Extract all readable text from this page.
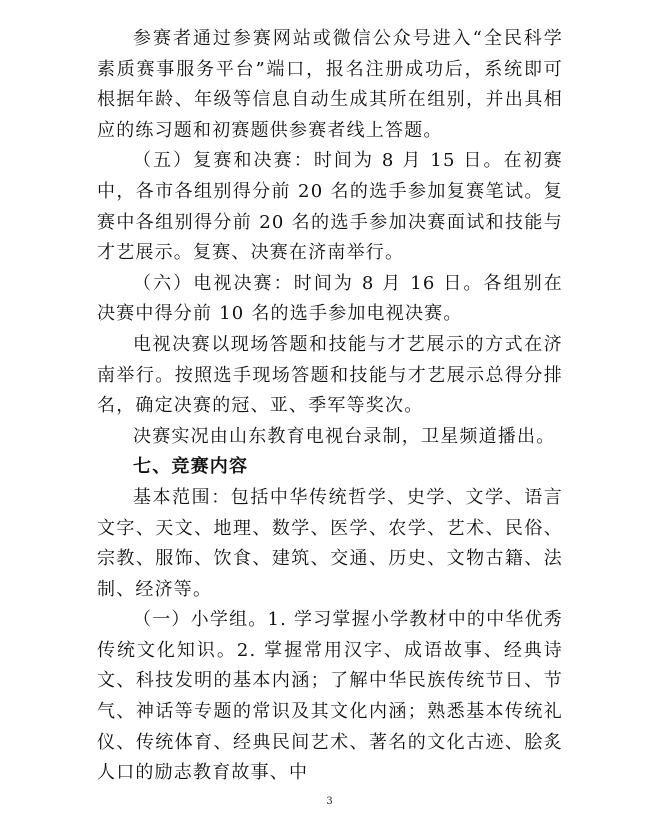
参赛者通过参赛网站或微信公众号进入“全民科学素质赛事服务平台”端口，报名注册成功后，系统即可根据年龄、年级等信息自动生成其所在组别，并出具相应的练习题和初赛题供参赛者线上答题。

（五）复赛和决赛：时间为 8 月 15 日。在初赛中，各市各组别得分前 20 名的选手参加复赛笔试。复赛中各组别得分前 20 名的选手参加决赛面试和技能与才艺展示。复赛、决赛在济南举行。

（六）电视决赛：时间为 8 月 16 日。各组别在决赛中得分前 10 名的选手参加电视决赛。

电视决赛以现场答题和技能与才艺展示的方式在济南举行。按照选手现场答题和技能与才艺展示总得分排名，确定决赛的冠、亚、季军等奖次。

决赛实况由山东教育电视台录制，卫星频道播出。

七、竞赛内容

基本范围：包括中华传统哲学、史学、文学、语言文字、天文、地理、数学、医学、农学、艺术、民俗、宗教、服饰、饮食、建筑、交通、历史、文物古籍、法制、经济等。

（一）小学组。1. 学习掌握小学教材中的中华优秀传统文化知识。2. 掌握常用汉字、成语故事、经典诗文、科技发明的基本内涵；了解中华民族传统节日、节气、神话等专题的常识及其文化内涵；熟悉基本传统礼仪、传统体育、经典民间艺术、著名的文化古迹、脍炙人口的励志教育故事、中

3
